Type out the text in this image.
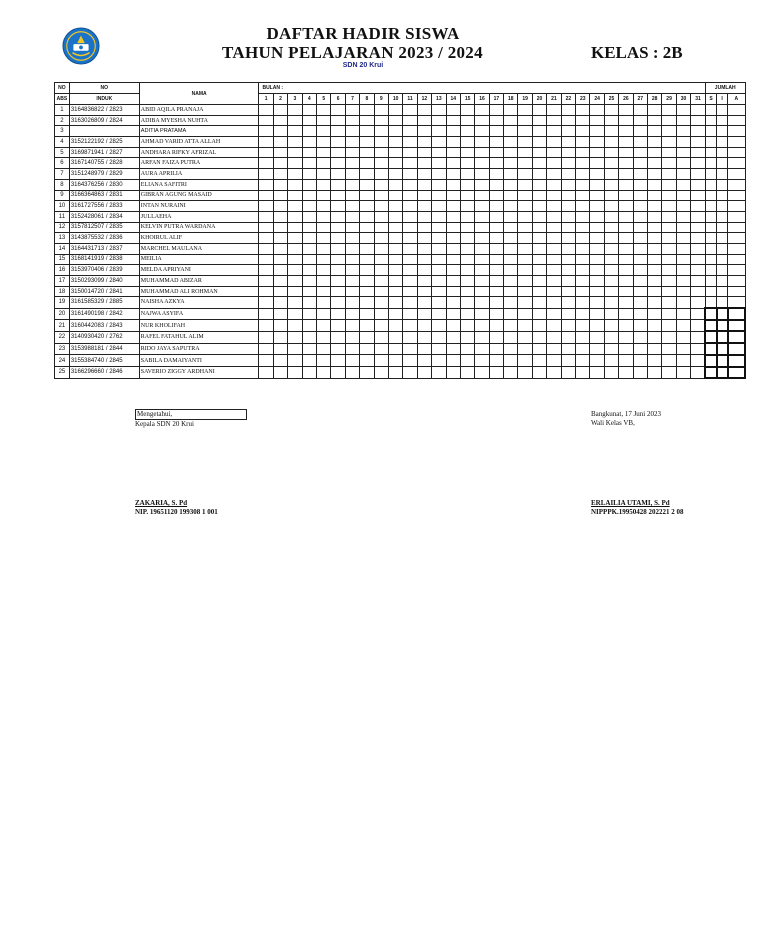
DAFTAR HADIR SISWA
TAHUN PELAJARAN 2023 / 2024	KELAS : 2B
SDN 20 Krui
NO	NO	NAMA	BULAN :																															JUMLAH		
ABS	INDUK		1	2	3	4	5	6	7	8	9	10	11	12	13	14	15	16	17	18	19	20	21	22	23	24	25	26	27	28	29	30	31	S	I	A
1	3164836822 / 2823	ABID AQILA PRANAJA																																		
2	3163026809 / 2824	ADIBA MYESHA NUHTA																																		
3		ADITIA PRATAMA																																		
4	3152122192 / 2825	AHMAD VARID ATTA ALLAH																																		
5	3169871941 / 2827	ANDHARA RIFKY AFRIZAL																																		
6	3167140755 / 2828	ARFAN FAIZA PUTRA																																		
7	3151248979 / 2829	AURA APRILIA																																		
8	3164376256 / 2830	ELIANA SAFITRI																																		
9	3166364863 / 2831	GIBRAN AGUNG MASAID																																		
10	3161727556 / 2833	INTAN NURAINI																																		
11	3152428061 / 2834	JULLAEHA																																		
12	3157812507 / 2835	KELVIN PUTRA WARDANA																																		
13	3143875532 / 2836	KHOIRUL ALIF																																		
14	3164431713 / 2837	MARCHEL MAULANA																																		
15	3168141919 / 2838	MEILIA																																		
16	3153970406 / 2839	MELDA APRIYANI																																		
17	3150293099 / 2840	MUHAMMAD ABIZAR																																		
18	3150014720 / 2841	MUHAMMAD ALI ROHMAN																																		
19	3161585329 / 2885	NAISHA AZKYA																																		
20	3161490198 / 2842	NAJWA ASYIFA																																		
21	3160442083 / 2843	NUR KHOLIFAH																																		
22	3140930420 / 2762	RAFEL FATAHUL ALIM																																		
23	3153988181 / 2844	RIDO JAYA SAPUTRA																																		
24	3155384740 / 2845	SABILA DAMAIYANTI																																		
25	3166296660 / 2846	SAVERIO ZIGGY ARDHANI																																		
Mengetahui,
Kepala SDN 20 Krui
ZAKARIA, S. Pd
NIP. 19651120 199308 1 001
Bangkunat, 17 Juni 2023
Wali Kelas VB,
ERLAILIA UTAMI, S. Pd
NIPPPK.19950428 202221 2 08
